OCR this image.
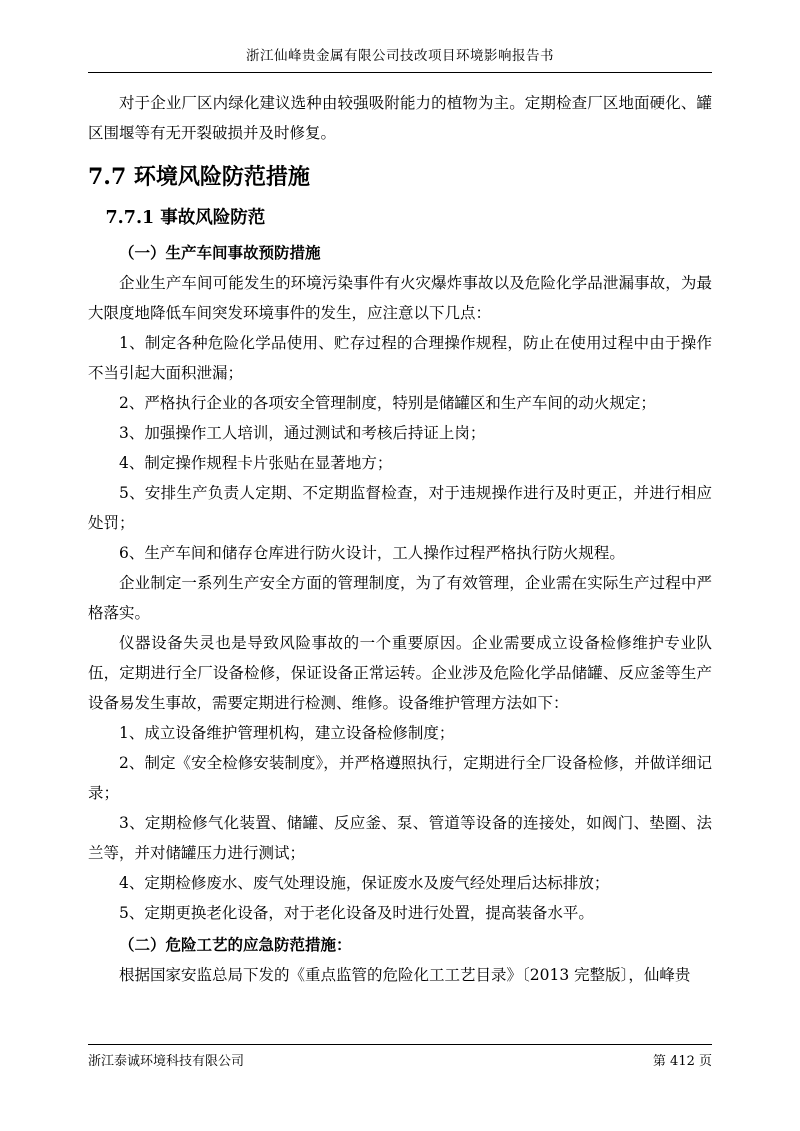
浙江仙峰贵金属有限公司技改项目环境影响报告书

对于企业厂区内绿化建议选种由较强吸附能力的植物为主。定期检查厂区地面硬化、罐区围堰等有无开裂破损并及时修复。

7.7 环境风险防范措施
7.7.1 事故风险防范

（一）生产车间事故预防措施

企业生产车间可能发生的环境污染事件有火灾爆炸事故以及危险化学品泄漏事故，为最大限度地降低车间突发环境事件的发生，应注意以下几点：

1、制定各种危险化学品使用、贮存过程的合理操作规程，防止在使用过程中由于操作不当引起大面积泄漏；

2、严格执行企业的各项安全管理制度，特别是储罐区和生产车间的动火规定；

3、加强操作工人培训，通过测试和考核后持证上岗；

4、制定操作规程卡片张贴在显著地方；

5、安排生产负责人定期、不定期监督检查，对于违规操作进行及时更正，并进行相应处罚；

6、生产车间和储存仓库进行防火设计，工人操作过程严格执行防火规程。

企业制定一系列生产安全方面的管理制度，为了有效管理，企业需在实际生产过程中严格落实。

仪器设备失灵也是导致风险事故的一个重要原因。企业需要成立设备检修维护专业队伍，定期进行全厂设备检修，保证设备正常运转。企业涉及危险化学品储罐、反应釜等生产设备易发生事故，需要定期进行检测、维修。设备维护管理方法如下：

1、成立设备维护管理机构，建立设备检修制度；

2、制定《安全检修安装制度》，并严格遵照执行，定期进行全厂设备检修，并做详细记录；

3、定期检修气化装置、储罐、反应釜、泵、管道等设备的连接处，如阀门、垫圈、法兰等，并对储罐压力进行测试；

4、定期检修废水、废气处理设施，保证废水及废气经处理后达标排放；

5、定期更换老化设备，对于老化设备及时进行处置，提高装备水平。

（二）危险工艺的应急防范措施：

根据国家安监总局下发的《重点监管的危险化工工艺目录》〔2013 完整版〕，仙峰贵

浙江泰诚环境科技有限公司	第 412 页
